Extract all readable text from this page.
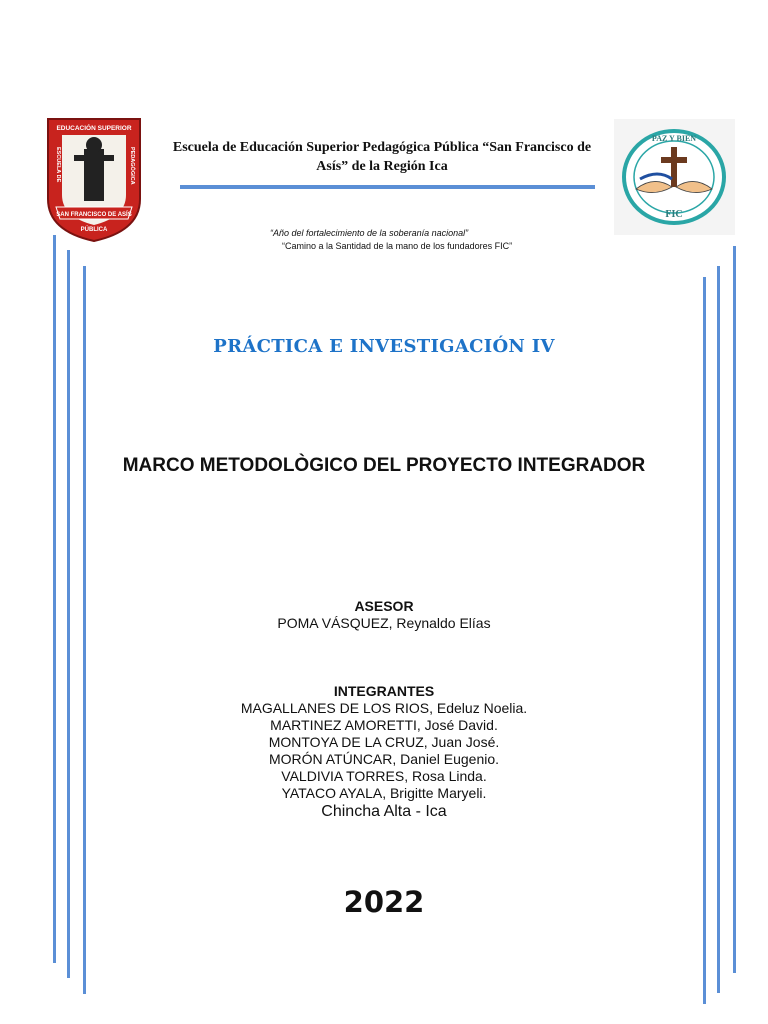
EDUCACIÓN SUPERIOR
ESCUELA DE	PEDAGÓGICA
SAN FRANCISCO DE ASÍS
PÚBLICA
PAZ Y BIEN
FIC
Escuela de Educación Superior Pedagógica Pública “San Francisco de Asís” de la Región Ica
“Año del fortalecimiento de la soberanía nacional”
“Camino a la Santidad de la mano de los fundadores FIC”
PRÁCTICA E INVESTIGACIÓN IV
MARCO METODOLÒGICO DEL PROYECTO INTEGRADOR
ASESOR
POMA VÁSQUEZ, Reynaldo Elías
INTEGRANTES
MAGALLANES DE LOS RIOS, Edeluz Noelia.
MARTINEZ AMORETTI, José David.
MONTOYA DE LA CRUZ, Juan José.
MORÓN ATÚNCAR, Daniel Eugenio.
VALDIVIA TORRES, Rosa Linda.
YATACO AYALA, Brigitte Maryeli.
Chincha Alta - Ica
2022
